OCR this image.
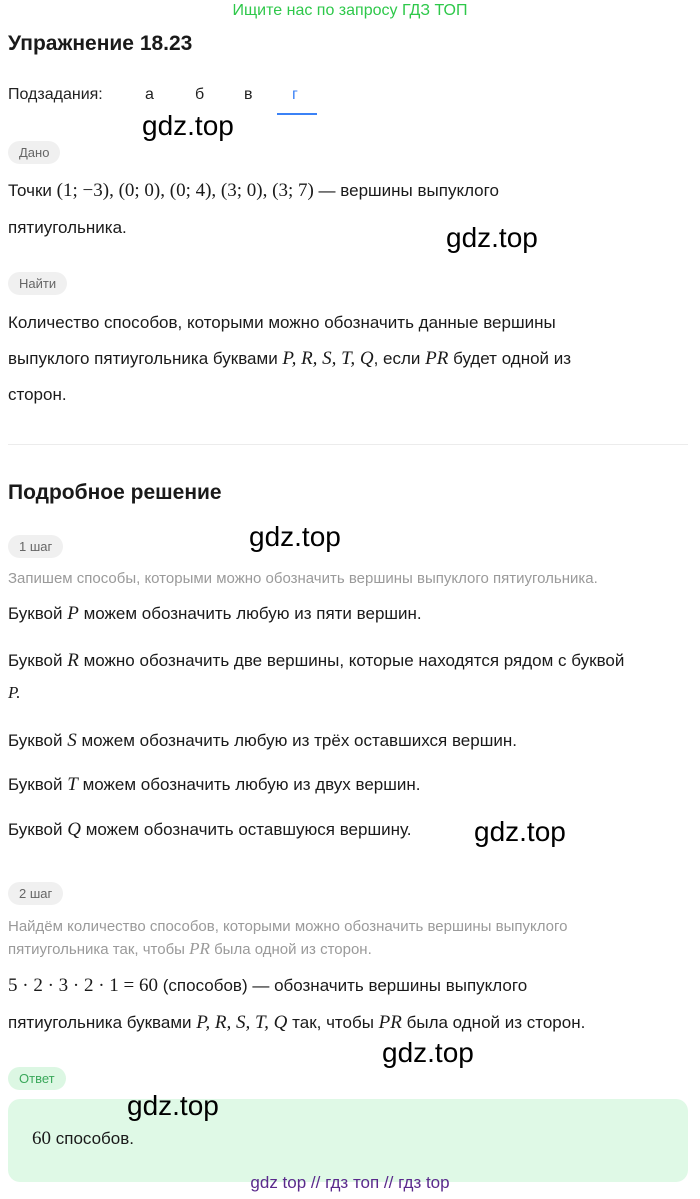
Ищите нас по запросу ГДЗ ТОП
Упражнение 18.23
Подзадания:	а	б в г
gdz.top
gdz.top
gdz.top
gdz.top
gdz.top
Дано
Точки (1; −3), (0; 0), (0; 4), (3; 0), (3; 7) — вершины выпуклого
пятиугольника.
Найти
Количество способов, которыми можно обозначить данные вершины
выпуклого пятиугольника буквами P, R, S, T, Q, если PR будет одной из
сторон.
Подробное решение
1 шаг
Запишем способы, которыми можно обозначить вершины выпуклого пятиугольника.
Буквой P можем обозначить любую из пяти вершин.
Буквой R можно обозначить две вершины, которые находятся рядом с буквой
P.
Буквой S можем обозначить любую из трёх оставшихся вершин.
Буквой T можем обозначить любую из двух вершин.
Буквой Q можем обозначить оставшуюся вершину.
2 шаг
Найдём количество способов, которыми можно обозначить вершины выпуклого
пятиугольника так, чтобы PR была одной из сторон.
5 · 2 · 3 · 2 · 1 = 60 (способов) — обозначить вершины выпуклого
пятиугольника буквами P, R, S, T, Q так, чтобы PR была одной из сторон.
Ответ
gdz.top
60 способов.
gdz top // гдз топ // гдз top
